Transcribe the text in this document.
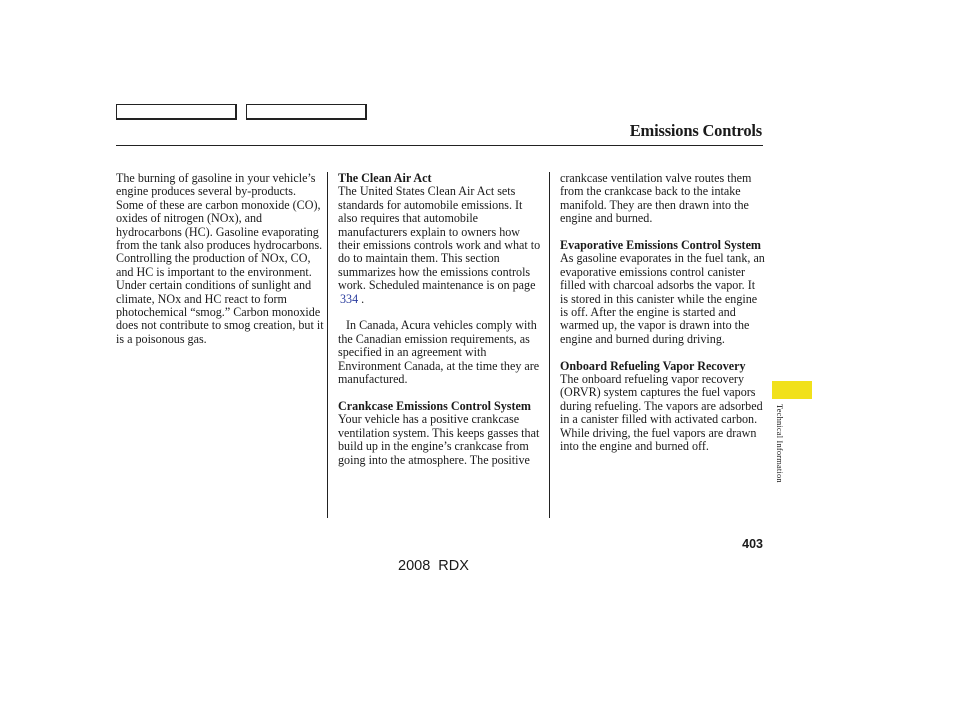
Emissions Controls

The burning of gasoline in your vehicle’s engine produces several by-products. Some of these are carbon monoxide (CO), oxides of nitrogen (NOx), and hydrocarbons (HC). Gasoline evaporating from the tank also produces hydrocarbons. Controlling the production of NOx, CO, and HC is important to the environment. Under certain conditions of sunlight and climate, NOx and HC react to form photochemical “smog.” Carbon monoxide does not contribute to smog creation, but it is a poisonous gas.

The Clean Air Act

The United States Clean Air Act sets standards for automobile emissions. It also requires that automobile manufacturers explain to owners how their emissions controls work and what to do to maintain them. This section summarizes how the emissions controls work. Scheduled maintenance is on page
334 .

In Canada, Acura vehicles comply with the Canadian emission requirements, as specified in an agreement with Environment Canada, at the time they are manufactured.

Crankcase Emissions Control System

Your vehicle has a positive crankcase ventilation system. This keeps gasses that build up in the engine’s crankcase from going into the atmosphere. The positive

crankcase ventilation valve routes them from the crankcase back to the intake manifold. They are then drawn into the engine and burned.

Evaporative Emissions Control System

As gasoline evaporates in the fuel tank, an evaporative emissions control canister filled with charcoal adsorbs the vapor. It is stored in this canister while the engine is off. After the engine is started and warmed up, the vapor is drawn into the engine and burned during driving.

Onboard Refueling Vapor Recovery

The onboard refueling vapor recovery (ORVR) system captures the fuel vapors during refueling. The vapors are adsorbed in a canister filled with activated carbon. While driving, the fuel vapors are drawn into the engine and burned off.	Technical Information
403
2008 RDX
